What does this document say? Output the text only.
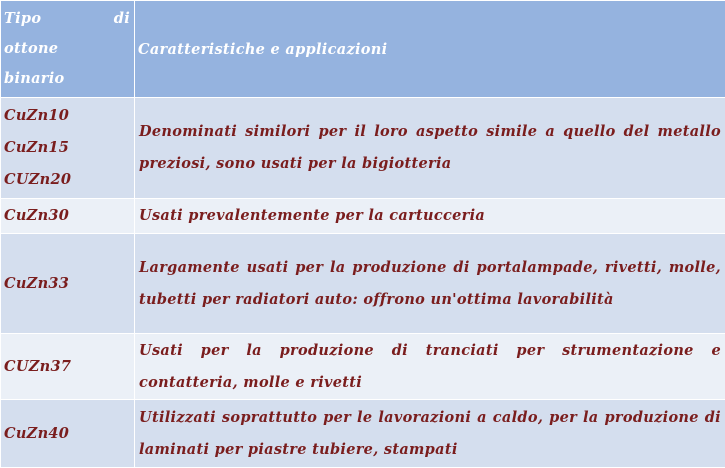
Tipo di
ottone
binario	Caratteristiche e applicazioni

CuZn10
CuZn15
CUZn20	Denominati similori per il loro aspetto simile a quello del metallo preziosi, sono usati per la bigiotteria
CuZn30	Usati prevalentemente per la cartucceria
CuZn33	Largamente usati per la produzione di portalampade, rivetti, molle, tubetti per radiatori auto: offrono un'ottima lavorabilità
CUZn37	Usati per la produzione di tranciati per strumentazione e contatteria, molle e rivetti
CuZn40	Utilizzati soprattutto per le lavorazioni a caldo, per la produzione di laminati per piastre tubiere, stampati
